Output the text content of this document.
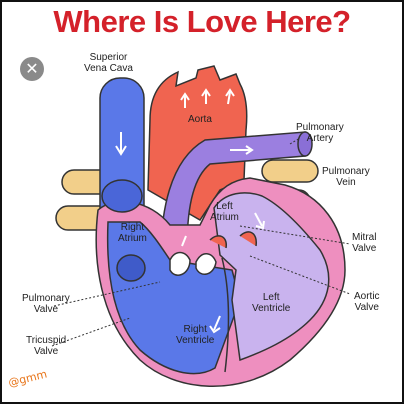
Where Is Love Here?
✕
Superior
Vena Cava
Aorta
Pulmonary
Artery
Pulmonary
Vein
Left
Atrium
Right
Atrium	Mitral
Valve
Pulmonary
Valve
Left
Ventricle
Aortic
Valve
Right
Ventricle
Tricuspid
Valve
@gmm
